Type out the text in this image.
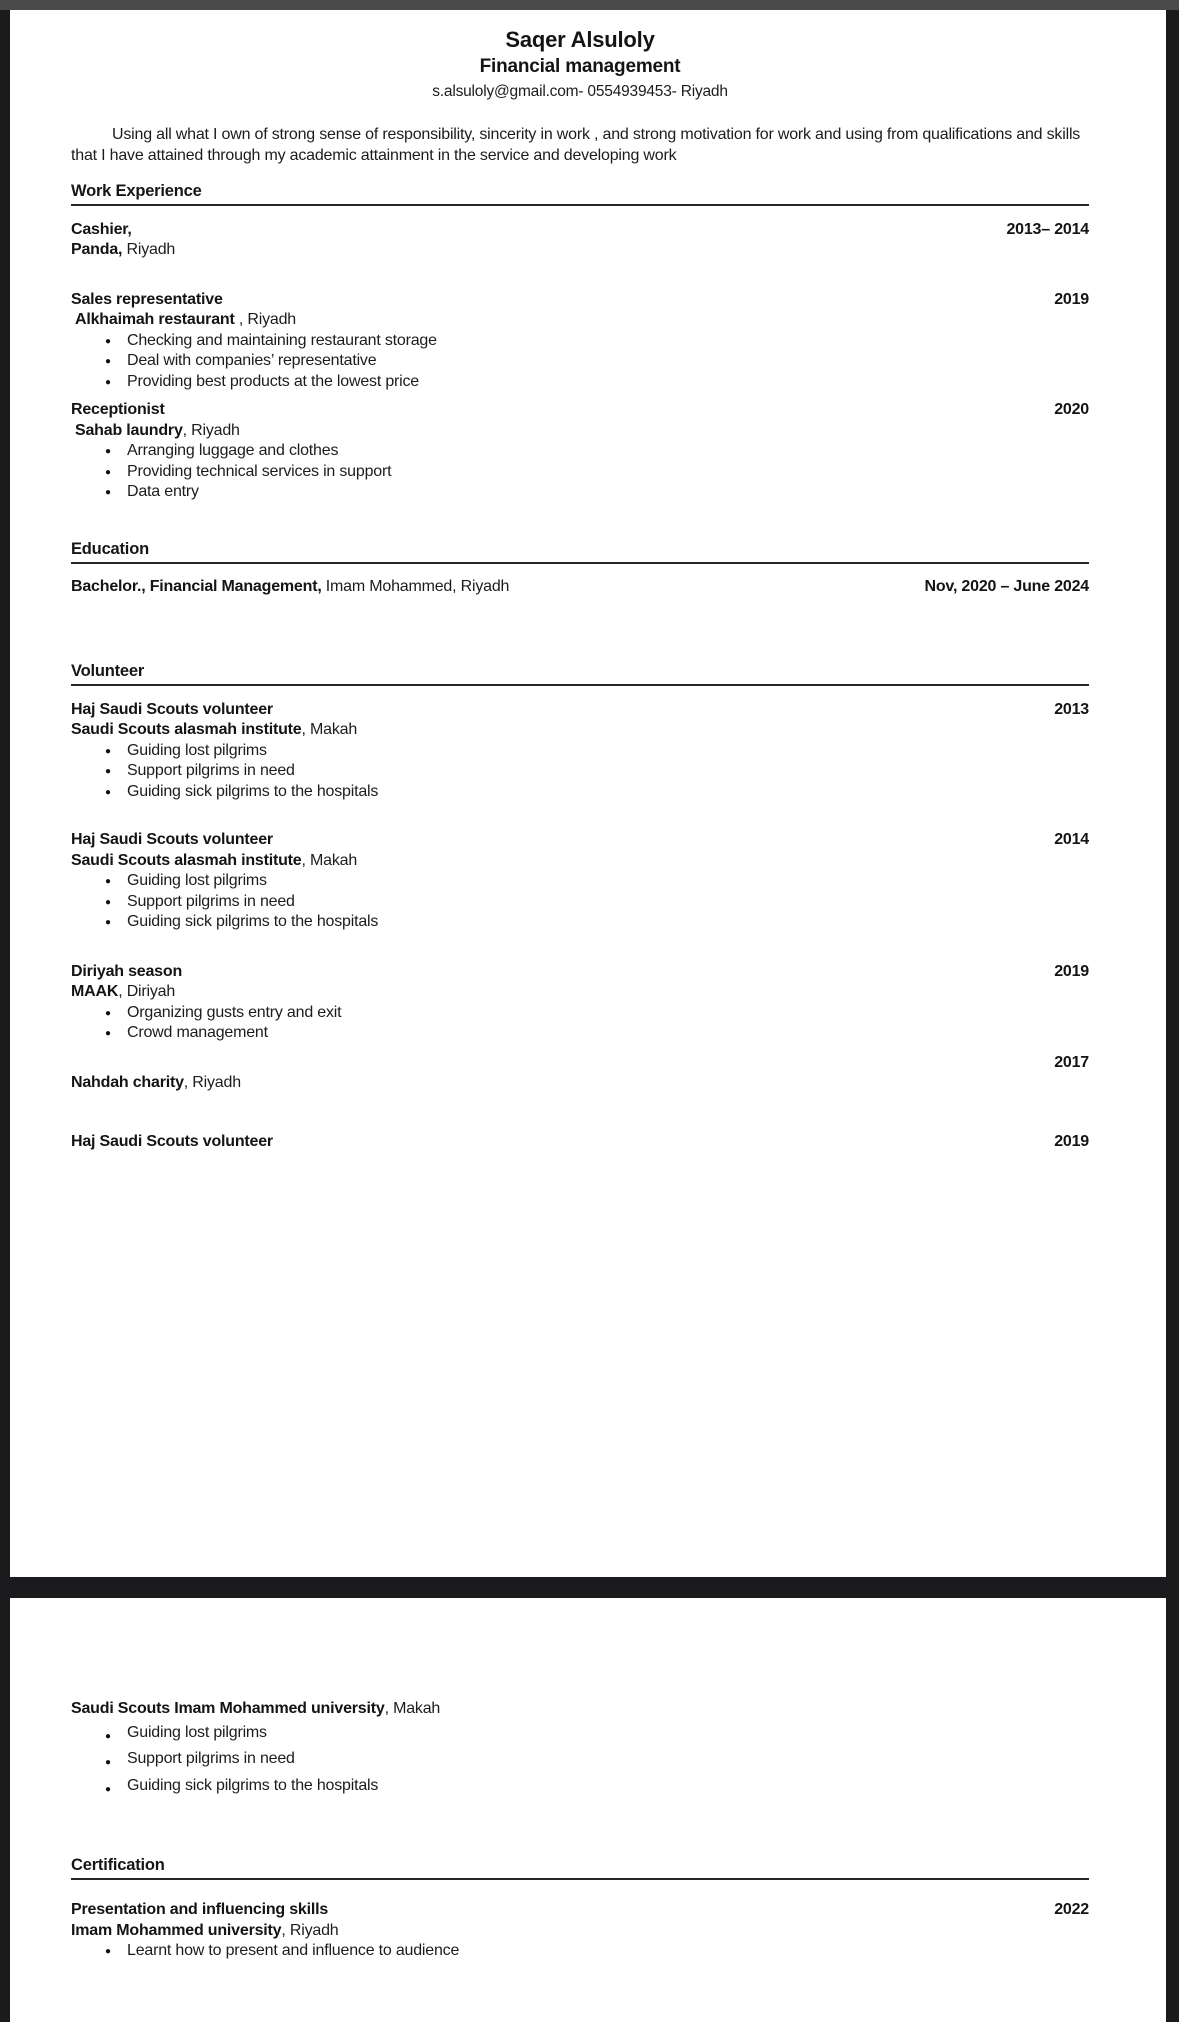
Saqer Alsuloly
Financial management
s.alsuloly@gmail.com- 0554939453- Riyadh

Using all what I own of strong sense of responsibility, sincerity in work , and strong motivation for work and using from qualifications and skills that I have attained through my academic attainment in the service and developing work

Work Experience
Cashier,	2013– 2014
Panda, Riyadh
Sales representative	2019
Alkhaimah restaurant , Riyadh
● Checking and maintaining restaurant storage
● Deal with companies’ representative
● Providing best products at the lowest price
Receptionist	2020
Sahab laundry, Riyadh
● Arranging luggage and clothes
● Providing technical services in support
● Data entry
Education
Bachelor., Financial Management, Imam Mohammed, Riyadh	Nov, 2020 – June 2024
Volunteer
Haj Saudi Scouts volunteer	2013
Saudi Scouts alasmah institute, Makah
● Guiding lost pilgrims
● Support pilgrims in need
● Guiding sick pilgrims to the hospitals
Haj Saudi Scouts volunteer	2014
Saudi Scouts alasmah institute, Makah
● Guiding lost pilgrims
● Support pilgrims in need
● Guiding sick pilgrims to the hospitals
Diriyah season	2019
MAAK, Diriyah
● Organizing gusts entry and exit
● Crowd management
2017
Nahdah charity, Riyadh
Haj Saudi Scouts volunteer	2019
Saudi Scouts Imam Mohammed university, Makah
● Guiding lost pilgrims
● Support pilgrims in need
● Guiding sick pilgrims to the hospitals
Certification
Presentation and influencing skills	2022
Imam Mohammed university, Riyadh
● Learnt how to present and influence to audience
